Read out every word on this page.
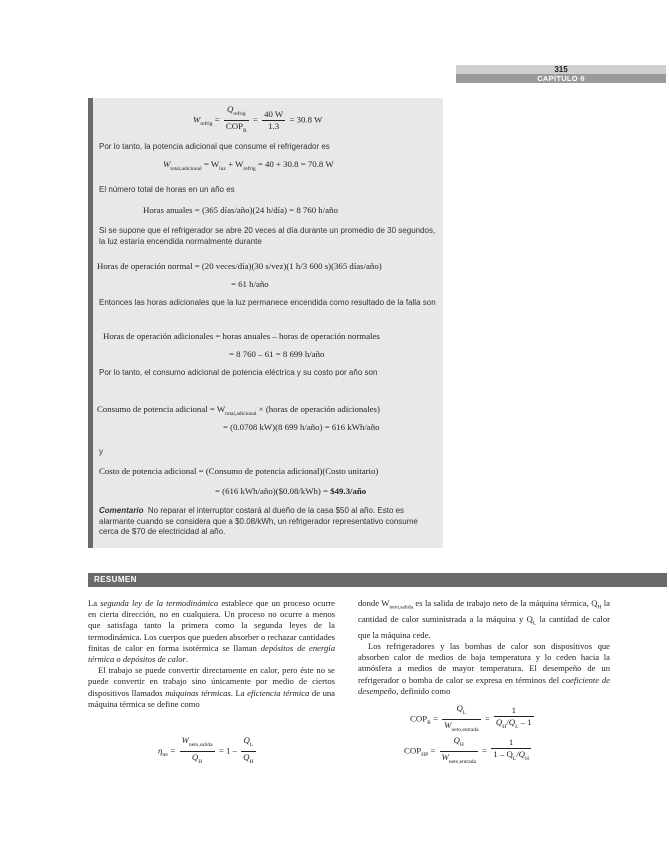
315
CAPÍTULO 6
$W_{refrig} = \frac{Q_{refrig}}{COP_R} = \frac{40 W}{1.3} = 30.8$ W
Por lo tanto, la potencia adicional que consume el refrigerador es
$W_{total,adicional} = W_{luz} + W_{refrig} = 40 + 30.8 = 70.8$ W
El número total de horas en un año es
Horas anuales = (365 días/año)(24 h/día) = 8 760 h/año
Si se supone que el refrigerador se abre 20 veces al día durante un promedio de 30 segundos, la luz estaría encendida normalmente durante
Horas de operación normal = (20 veces/día)(30 s/vez)(1 h/3 600 s)(365 días/año)
= 61 h/año
Entonces las horas adicionales que la luz permanece encendida como resultado de la falla son
Horas de operación adicionales = horas anuales – horas de operación normales
= 8 760 – 61 = 8 699 h/año
Por lo tanto, el consumo adicional de potencia eléctrica y su costo por año son
Consumo de potencia adicional = $W_{total,adicional}$ × (horas de operación adicionales)
= (0.0708 kW)(8 699 h/año) = 616 kWh/año
y
Costo de potencia adicional = (Consumo de potencia adicional)(Costo unitario)
= (616 kWh/año)($0.08/kWh) = $49.3/año
Comentario No reparar el interruptor costará al dueño de la casa $50 al año. Esto es alarmante cuando se considera que a $0.08/kWh, un refrigerador representativo consume cerca de $70 de electricidad al año.
RESUMEN

La segunda ley de la termodinámica establece que un proceso ocurre en cierta dirección, no en cualquiera. Un proceso no ocurre a menos que satisfaga tanto la primera como la segunda leyes de la termodinámica. Los cuerpos que pueden absorber o rechazar cantidades finitas de calor en forma isotérmica se llaman depósitos de energía térmica o depósitos de calor.

El trabajo se puede convertir directamente en calor, pero éste no se puede convertir en trabajo sino únicamente por medio de ciertos dispositivos llamados máquinas térmicas. La eficiencia térmica de una máquina térmica se define como

$\eta_{ter} = \frac{W_{neto,salida}}{Q_H} = 1 - \frac{Q_L}{Q_H}$

donde $W_{neto,salida}$ es la salida de trabajo neto de la máquina térmica, $Q_H$ la cantidad de calor suministrada a la máquina y $Q_L$ la cantidad de calor que la máquina cede.

Los refrigeradores y las bombas de calor son dispositivos que absorben calor de medios de baja temperatura y lo ceden hacia la atmósfera a medios de mayor temperatura. El desempeño de un refrigerador o bomba de calor se expresa en términos del coeficiente de desempeño, definido como

$COP_R = \frac{Q_L}{W_{neto,entrada}} = \frac{1}{Q_H/Q_L - 1}$
$COP_{HP} = \frac{Q_H}{W_{neto,entrada}} = \frac{1}{1 - Q_L/Q_H}$
